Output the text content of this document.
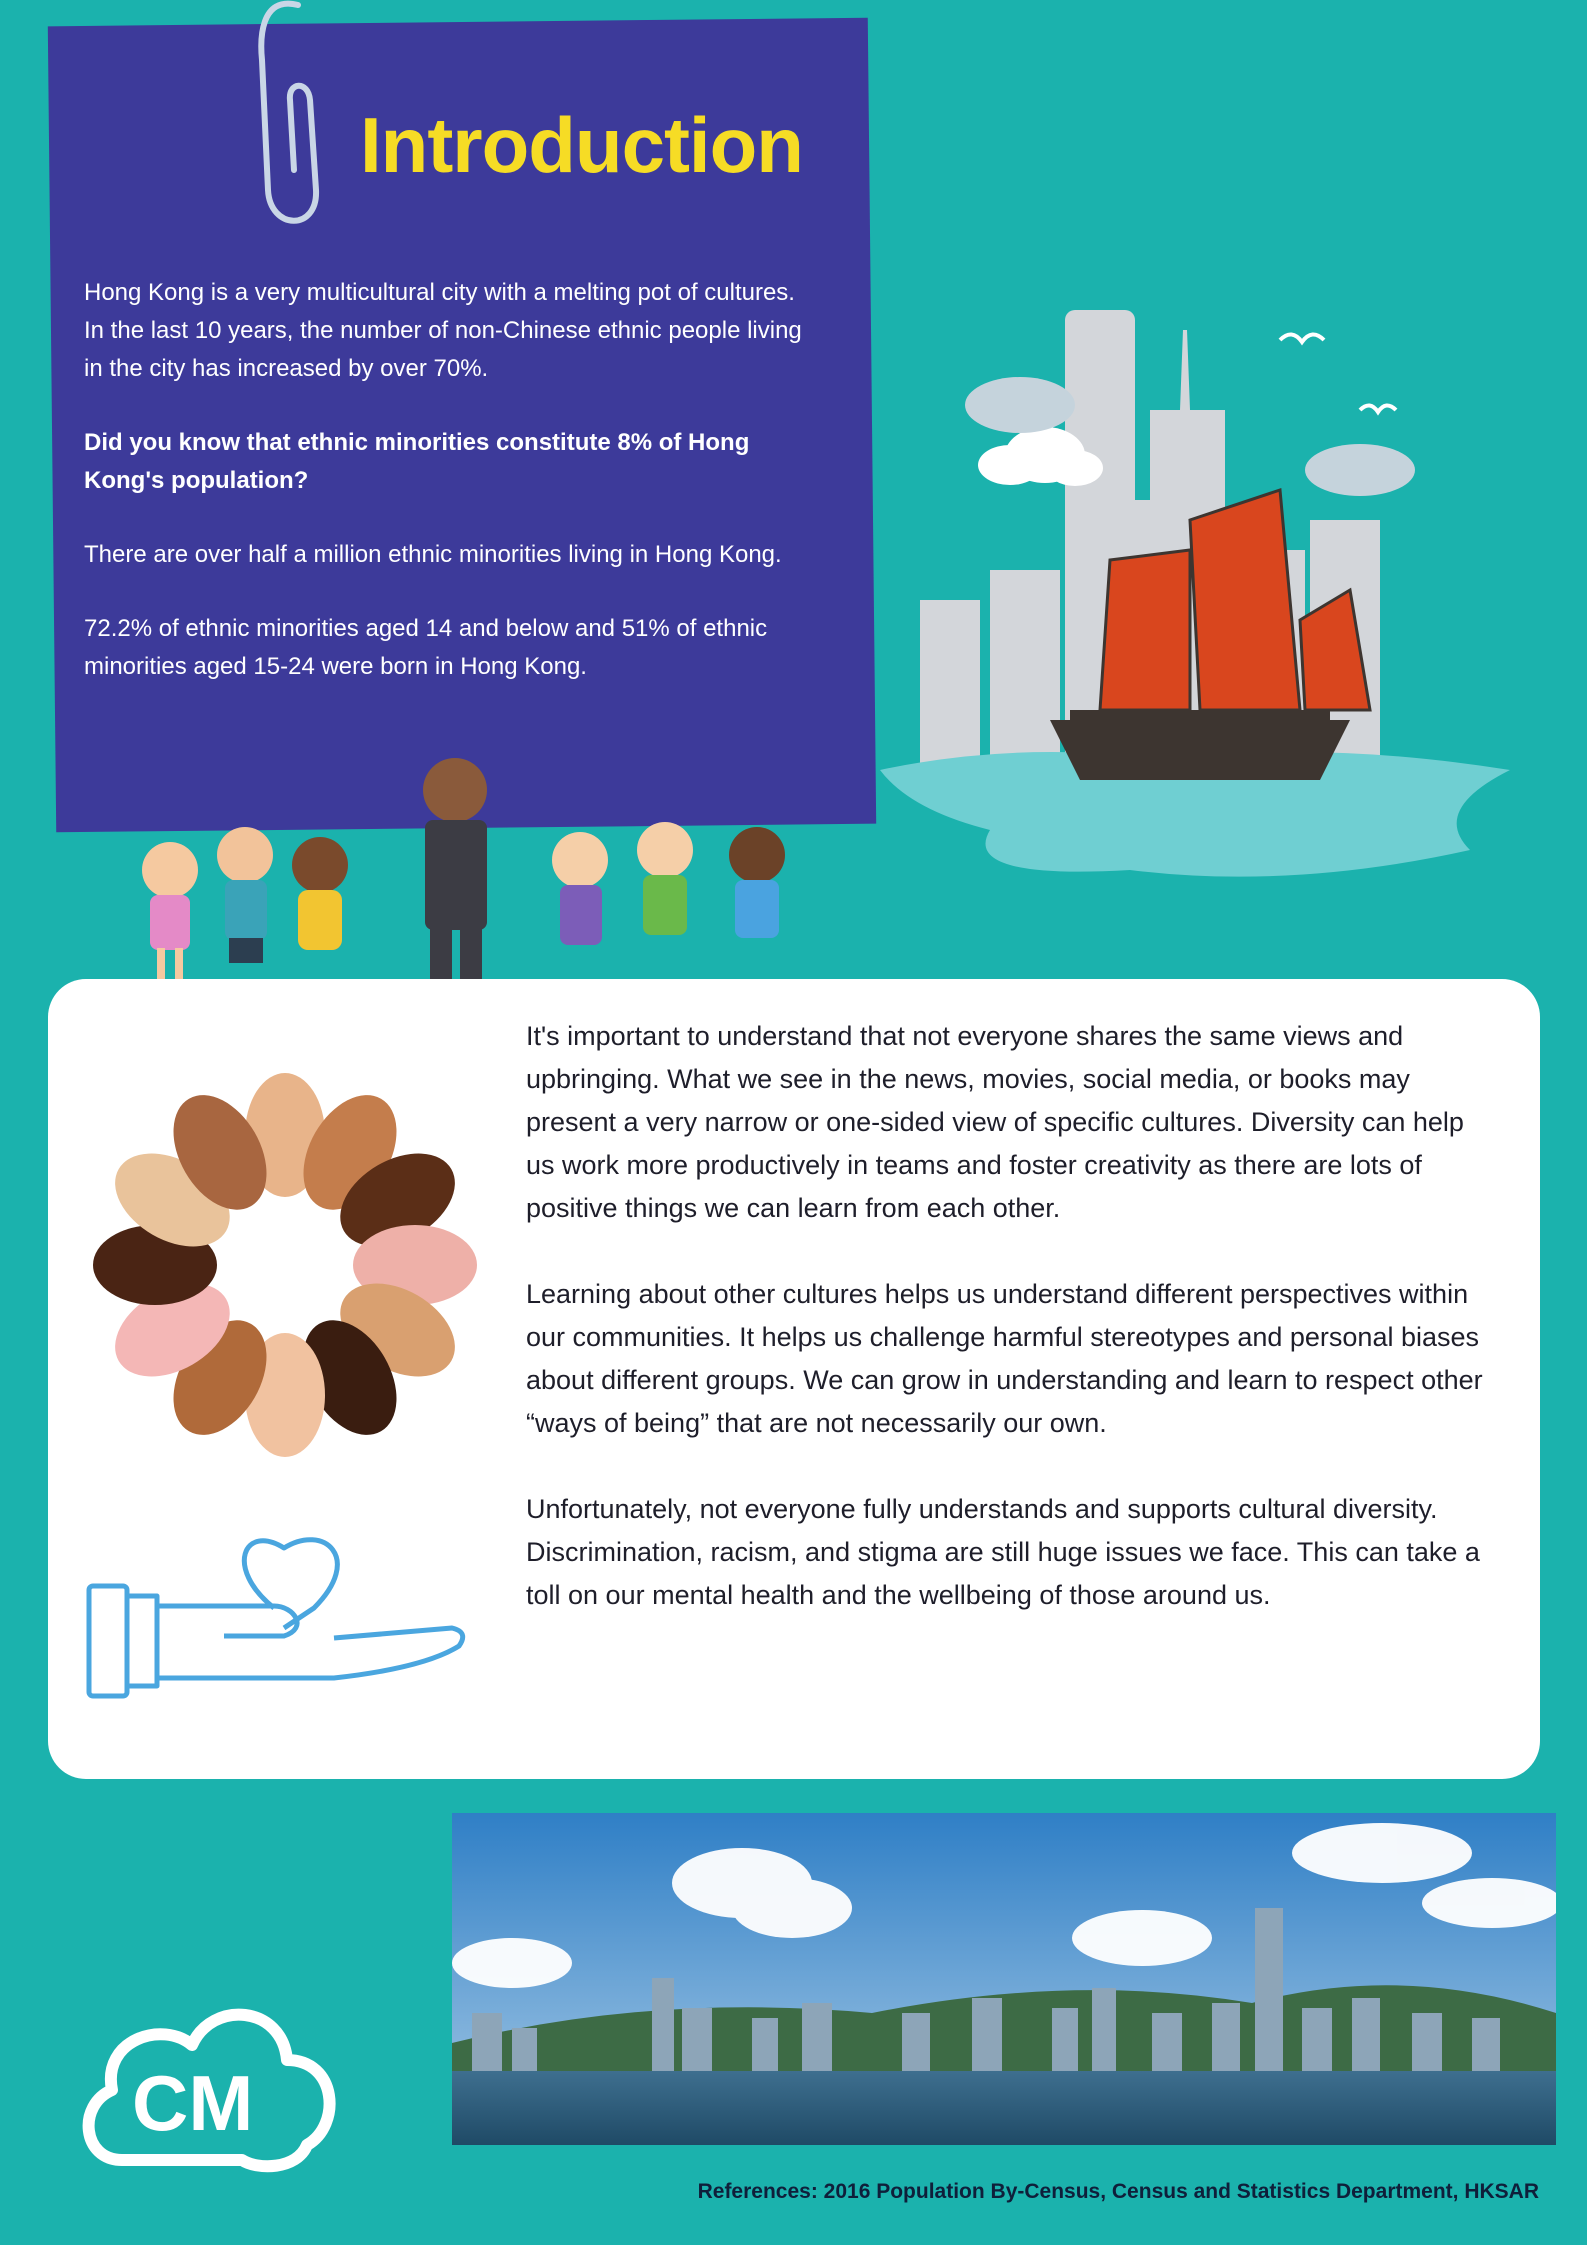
Introduction

Hong Kong is a very multicultural city with a melting pot of cultures. In the last 10 years, the number of non-Chinese ethnic people living in the city has increased by over 70%.

Did you know that ethnic minorities constitute 8% of Hong Kong's population?

There are over half a million ethnic minorities living in Hong Kong.

72.2% of ethnic minorities aged 14 and below and 51% of ethnic minorities aged 15-24 were born in Hong Kong.

It's important to understand that not everyone shares the same views and upbringing. What we see in the news, movies, social media, or books may present a very narrow or one-sided view of specific cultures. Diversity can help us work more productively in teams and foster creativity as there are lots of positive things we can learn from each other.

Learning about other cultures helps us understand different perspectives within our communities. It helps us challenge harmful stereotypes and personal biases about different groups. We can grow in understanding and learn to respect other “ways of being” that are not necessarily our own.

Unfortunately, not everyone fully understands and supports cultural diversity. Discrimination, racism, and stigma are still huge issues we face. This can take a toll on our mental health and the wellbeing of those around us.

CM
References: 2016 Population By-Census, Census and Statistics Department, HKSAR
